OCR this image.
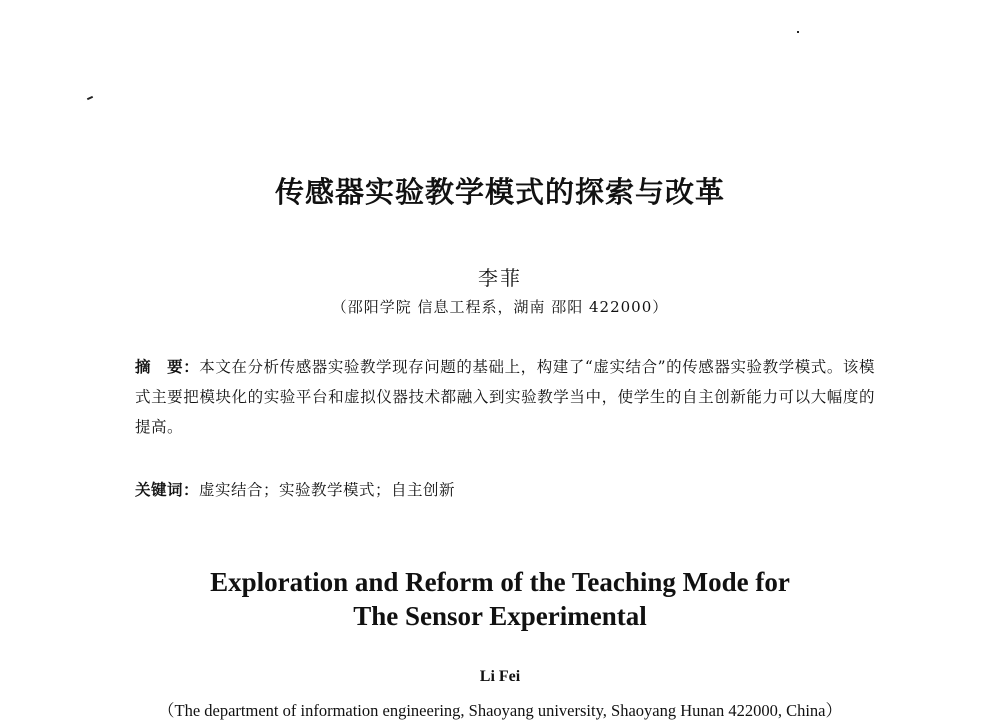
传感器实验教学模式的探索与改革
李菲
（邵阳学院 信息工程系，湖南 邵阳 422000）
摘　要：本文在分析传感器实验教学现存问题的基础上，构建了“虚实结合”的传感器实验教学模式。该模式主要把模块化的实验平台和虚拟仪器技术都融入到实验教学当中，使学生的自主创新能力可以大幅度的提高。
关键词：虚实结合；实验教学模式；自主创新
Exploration and Reform of the Teaching Mode for
The Sensor Experimental
Li Fei
（The department of information engineering, Shaoyang university, Shaoyang Hunan 422000, China）
